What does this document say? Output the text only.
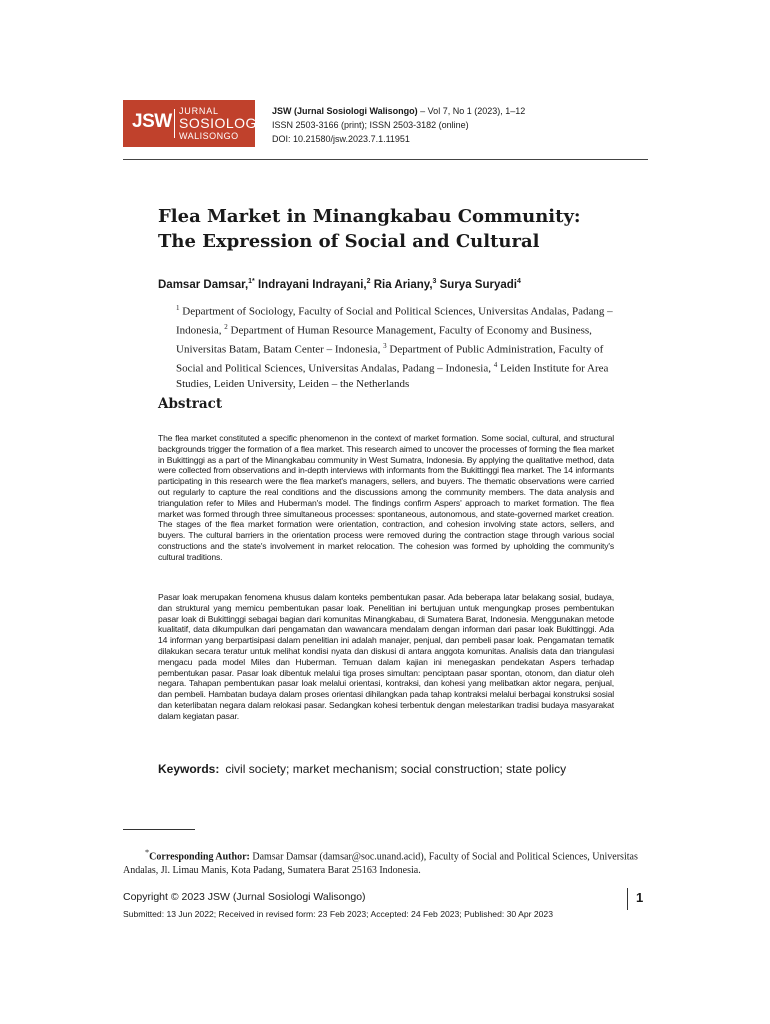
JSW JURNAL
SOSIOLOGI
WALISONGO
JSW (Jurnal Sosiologi Walisongo) – Vol 7, No 1 (2023), 1–12
ISSN 2503-3166 (print); ISSN 2503-3182 (online)
DOI: 10.21580/jsw.2023.7.1.11951
Flea Market in Minangkabau Community:
The Expression of Social and Cultural
Damsar Damsar,$^{1*}$ Indrayani Indrayani,$^2$ Ria Ariany,$^3$ Surya Suryadi$^4$
$^1$ Department of Sociology, Faculty of Social and Political Sciences, Universitas Andalas, Padang – Indonesia, $^2$ Department of Human Resource Management, Faculty of Economy and Business, Universitas Batam, Batam Center – Indonesia, $^3$ Department of Public Administration, Faculty of Social and Political Sciences, Universitas Andalas, Padang – Indonesia, $^4$ Leiden Institute for Area Studies, Leiden University, Leiden – the Netherlands
Abstract
The flea market constituted a specific phenomenon in the context of market formation. Some social, cultural, and structural backgrounds trigger the formation of a flea market. This research aimed to uncover the processes of forming the flea market in Bukittinggi as a part of the Minangkabau community in West Sumatra, Indonesia. By applying the qualitative method, data were collected from observations and in-depth interviews with informants from the Bukittinggi flea market. The 14 informants participating in this research were the flea market's managers, sellers, and buyers. The thematic observations were carried out regularly to capture the real conditions and the discussions among the community members. The data analysis and triangulation refer to Miles and Huberman's model. The findings confirm Aspers' approach to market formation. The flea market was formed through three simultaneous processes: spontaneous, autonomous, and state-governed market creation. The stages of the flea market formation were orientation, contraction, and cohesion involving state actors, sellers, and buyers. The cultural barriers in the orientation process were removed during the contraction stage through various social constructions and the state's involvement in market relocation. The cohesion was formed by upholding the community's cultural traditions.
Pasar loak merupakan fenomena khusus dalam konteks pembentukan pasar. Ada beberapa latar belakang sosial, budaya, dan struktural yang memicu pembentukan pasar loak. Penelitian ini bertujuan untuk mengungkap proses pembentukan pasar loak di Bukittinggi sebagai bagian dari komunitas Minangkabau, di Sumatera Barat, Indonesia. Menggunakan metode kualitatif, data dikumpulkan dari pengamatan dan wawancara mendalam dengan informan dari pasar loak Bukittinggi. Ada 14 informan yang berpartisipasi dalam penelitian ini adalah manajer, penjual, dan pembeli pasar loak. Pengamatan tematik dilakukan secara teratur untuk melihat kondisi nyata dan diskusi di antara anggota komunitas. Analisis data dan triangulasi mengacu pada model Miles dan Huberman. Temuan dalam kajian ini menegaskan pendekatan Aspers terhadap pembentukan pasar. Pasar loak dibentuk melalui tiga proses simultan: penciptaan pasar spontan, otonom, dan diatur oleh negara. Tahapan pembentukan pasar loak melalui orientasi, kontraksi, dan kohesi yang melibatkan aktor negara, penjual, dan pembeli. Hambatan budaya dalam proses orientasi dihilangkan pada tahap kontraksi melalui berbagai konstruksi sosial dan keterlibatan negara dalam relokasi pasar. Sedangkan kohesi terbentuk dengan melestarikan tradisi budaya masyarakat dalam kegiatan pasar.
Keywords: civil society; market mechanism; social construction; state policy
*Corresponding Author: Damsar Damsar (damsar@soc.unand.acid), Faculty of Social and Political Sciences, Universitas Andalas, Jl. Limau Manis, Kota Padang, Sumatera Barat 25163 Indonesia.
Copyright © 2023 JSW (Jurnal Sosiologi Walisongo)
Submitted: 13 Jun 2022; Received in revised form: 23 Feb 2023; Accepted: 24 Feb 2023; Published: 30 Apr 2023
1
